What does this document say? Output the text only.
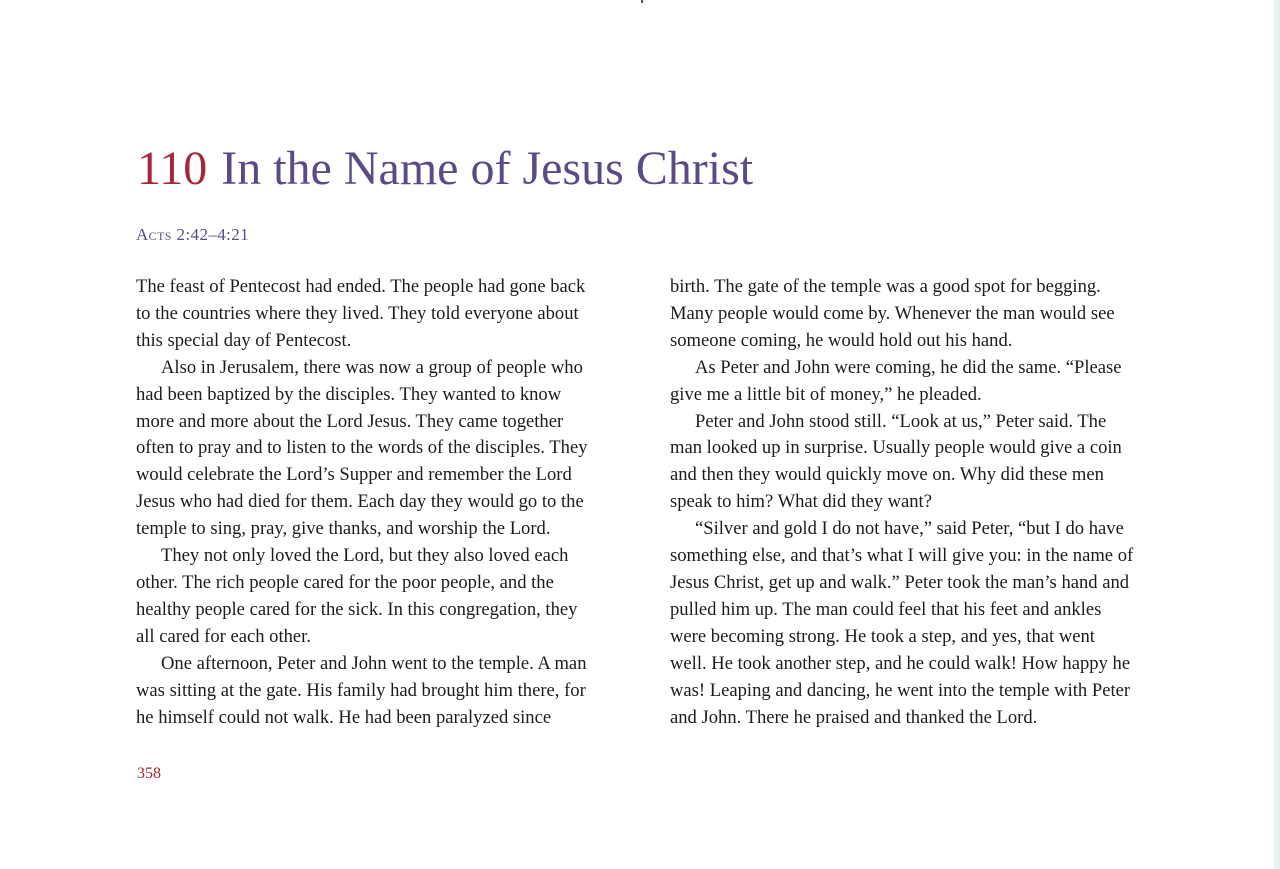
110 In the Name of Jesus Christ
Acts 2:42–4:21
The feast of Pentecost had ended. The people had gone back
to the countries where they lived. They told everyone about
this special day of Pentecost.
Also in Jerusalem, there was now a group of people who
had been baptized by the disciples. They wanted to know
more and more about the Lord Jesus. They came together
often to pray and to listen to the words of the disciples. They
would celebrate the Lord’s Supper and remember the Lord
Jesus who had died for them. Each day they would go to the
temple to sing, pray, give thanks, and worship the Lord.
They not only loved the Lord, but they also loved each
other. The rich people cared for the poor people, and the
healthy people cared for the sick. In this congregation, they
all cared for each other.
One afternoon, Peter and John went to the temple. A man
was sitting at the gate. His family had brought him there, for
he himself could not walk. He had been paralyzed since
birth. The gate of the temple was a good spot for begging.
Many people would come by. Whenever the man would see
someone coming, he would hold out his hand.
As Peter and John were coming, he did the same. “Please
give me a little bit of money,” he pleaded.
Peter and John stood still. “Look at us,” Peter said. The
man looked up in surprise. Usually people would give a coin
and then they would quickly move on. Why did these men
speak to him? What did they want?
“Silver and gold I do not have,” said Peter, “but I do have
something else, and that’s what I will give you: in the name of
Jesus Christ, get up and walk.” Peter took the man’s hand and
pulled him up. The man could feel that his feet and ankles
were becoming strong. He took a step, and yes, that went
well. He took another step, and he could walk! How happy he
was! Leaping and dancing, he went into the temple with Peter
and John. There he praised and thanked the Lord.
358
